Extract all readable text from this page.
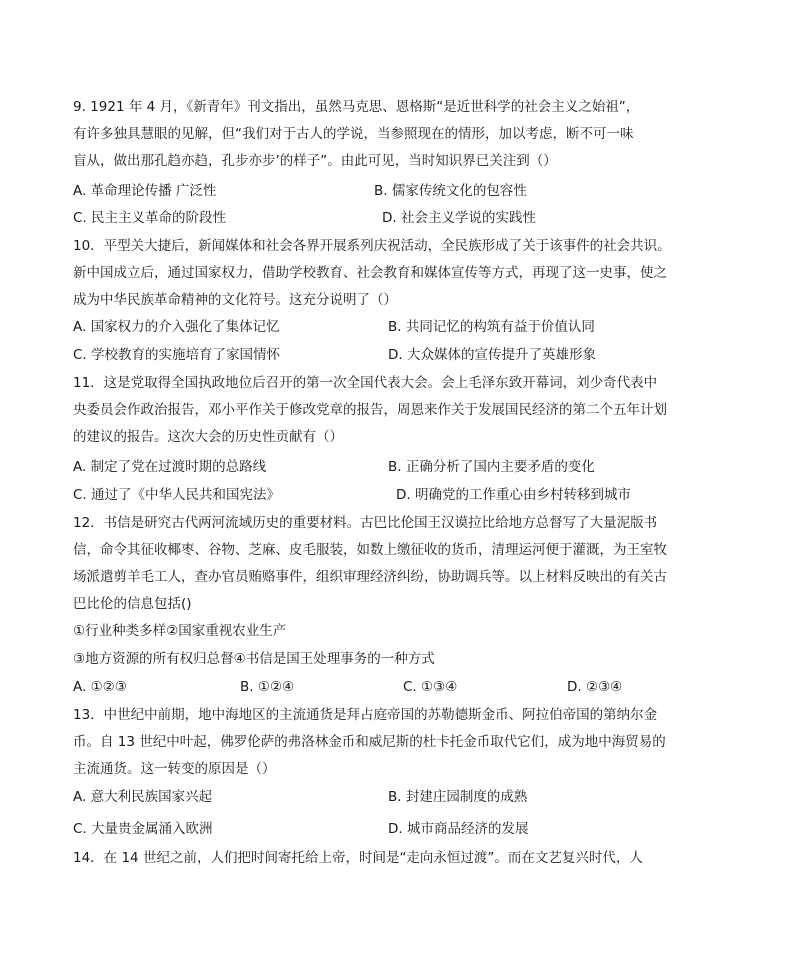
9. 1921 年 4 月，《新青年》刊文指出，虽然马克思、恩格斯“是近世科学的社会主义之始祖”，
有许多独具慧眼的见解，但“我们对于古人的学说，当参照现在的情形，加以考虑，断不可一味
盲从，做出那孔趋亦趋，孔步亦步’的样子”。由此可见，当时知识界已关注到（）
A. 革命理论传播 广泛性	B. 儒家传统文化的包容性
C. 民主主义革命的阶段性	D. 社会主义学说的实践性
10．平型关大捷后，新闻媒体和社会各界开展系列庆祝活动，全民族形成了关于该事件的社会共识。
新中国成立后，通过国家权力，借助学校教育、社会教育和媒体宣传等方式，再现了这一史事，使之
成为中华民族革命精神的文化符号。这充分说明了（）
A. 国家权力的介入强化了集体记忆	B. 共同记忆的构筑有益于价值认同
C. 学校教育的实施培育了家国情怀	D. 大众媒体的宣传提升了英雄形象
11．这是党取得全国执政地位后召开的第一次全国代表大会。会上毛泽东致开幕词，刘少奇代表中
央委员会作政治报告，邓小平作关于修改党章的报告，周恩来作关于发展国民经济的第二个五年计划
的建议的报告。这次大会的历史性贡献有（）
A. 制定了党在过渡时期的总路线	B. 正确分析了国内主要矛盾的变化
C. 通过了《中华人民共和国宪法》	D. 明确党的工作重心由乡村转移到城市
12．书信是研究古代两河流域历史的重要材料。古巴比伦国王汉谟拉比给地方总督写了大量泥版书
信，命令其征收椰枣、谷物、芝麻、皮毛服装，如数上缴征收的货币，清理运河便于灌溉，为王室牧
场派遣剪羊毛工人，查办官员贿赂事件，组织审理经济纠纷，协助调兵等。以上材料反映出的有关古
巴比伦的信息包括()
①行业种类多样②国家重视农业生产
③地方资源的所有权归总督④书信是国王处理事务的一种方式
A. ①②③	B. ①②④	C. ①③④	D. ②③④
13．中世纪中前期，地中海地区的主流通货是拜占庭帝国的苏勒德斯金币、阿拉伯帝国的第纳尔金
币。自 13 世纪中叶起，佛罗伦萨的弗洛林金币和威尼斯的杜卡托金币取代它们，成为地中海贸易的
主流通货。这一转变的原因是（）
A. 意大利民族国家兴起	B. 封建庄园制度的成熟
C. 大量贵金属涌入欧洲	D. 城市商品经济的发展
14．在 14 世纪之前，人们把时间寄托给上帝，时间是“走向永恒过渡”。而在文艺复兴时代，人
